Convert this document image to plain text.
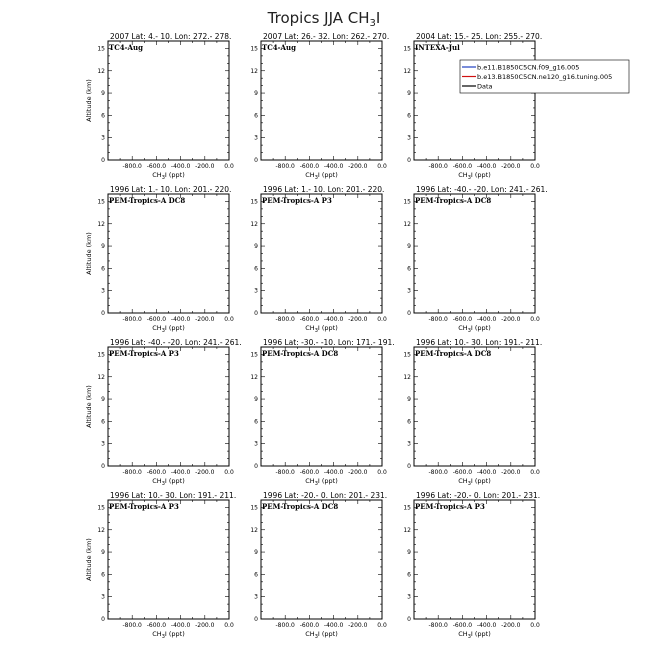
Tropics JJA $CH_3I$
2007 Lat: 4.- 10. Lon: 272.- 278.
0
3
6
9
12
15
-800.0 -600.0 -400.0 -200.0 0.0
$CH_3I$ (ppt)
Altitude (km)
TC4-Aug
2007 Lat: 26.- 32. Lon: 262.- 270.
0
3
6
9
12
15
-800.0 -600.0 -400.0 -200.0 0.0
$CH_3I$ (ppt)
TC4-Aug
2004 Lat: 15.- 25. Lon: 255.- 270.
0
3
6
9
12
15
-800.0 -600.0 -400.0 -200.0 0.0
$CH_3I$ (ppt)
INTEXA-Jul
1996 Lat: 1.- 10. Lon: 201.- 220.
0
3
6
9
12
15
-800.0 -600.0 -400.0 -200.0 0.0
$CH_3I$ (ppt)
Altitude (km)
PEM-Tropics-A DC8
1996 Lat: 1.- 10. Lon: 201.- 220.
0
3
6
9
12
15
-800.0 -600.0 -400.0 -200.0 0.0
$CH_3I$ (ppt)
PEM-Tropics-A P3
1996 Lat: -40.- -20. Lon: 241.- 261.
0
3
6
9
12
15
-800.0 -600.0 -400.0 -200.0 0.0
$CH_3I$ (ppt)
PEM-Tropics-A DC8
1996 Lat: -40.- -20. Lon: 241.- 261.
0
3
6
9
12
15
-800.0 -600.0 -400.0 -200.0 0.0
$CH_3I$ (ppt)
Altitude (km)
PEM-Tropics-A P3
1996 Lat: -30.- -10. Lon: 171.- 191.
0
3
6
9
12
15
-800.0 -600.0 -400.0 -200.0 0.0
$CH_3I$ (ppt)
PEM-Tropics-A DC8
1996 Lat: 10.- 30. Lon: 191.- 211.
0
3
6
9
12
15
-800.0 -600.0 -400.0 -200.0 0.0
$CH_3I$ (ppt)
PEM-Tropics-A DC8
1996 Lat: 10.- 30. Lon: 191.- 211.
0
3
6
9
12
15
-800.0 -600.0 -400.0 -200.0 0.0
$CH_3I$ (ppt)
Altitude (km)
PEM-Tropics-A P3
1996 Lat: -20.- 0. Lon: 201.- 231.
0
3
6
9
12
15
-800.0 -600.0 -400.0 -200.0 0.0
$CH_3I$ (ppt)
PEM-Tropics-A DC8
1996 Lat: -20.- 0. Lon: 201.- 231.
0
3
6
9
12
15
-800.0 -600.0 -400.0 -200.0 0.0
$CH_3I$ (ppt)
PEM-Tropics-A P3
b.e11.B1850C5CN.f09_g16.005
b.e13.B1850C5CN.ne120_g16.tuning.005
Data
